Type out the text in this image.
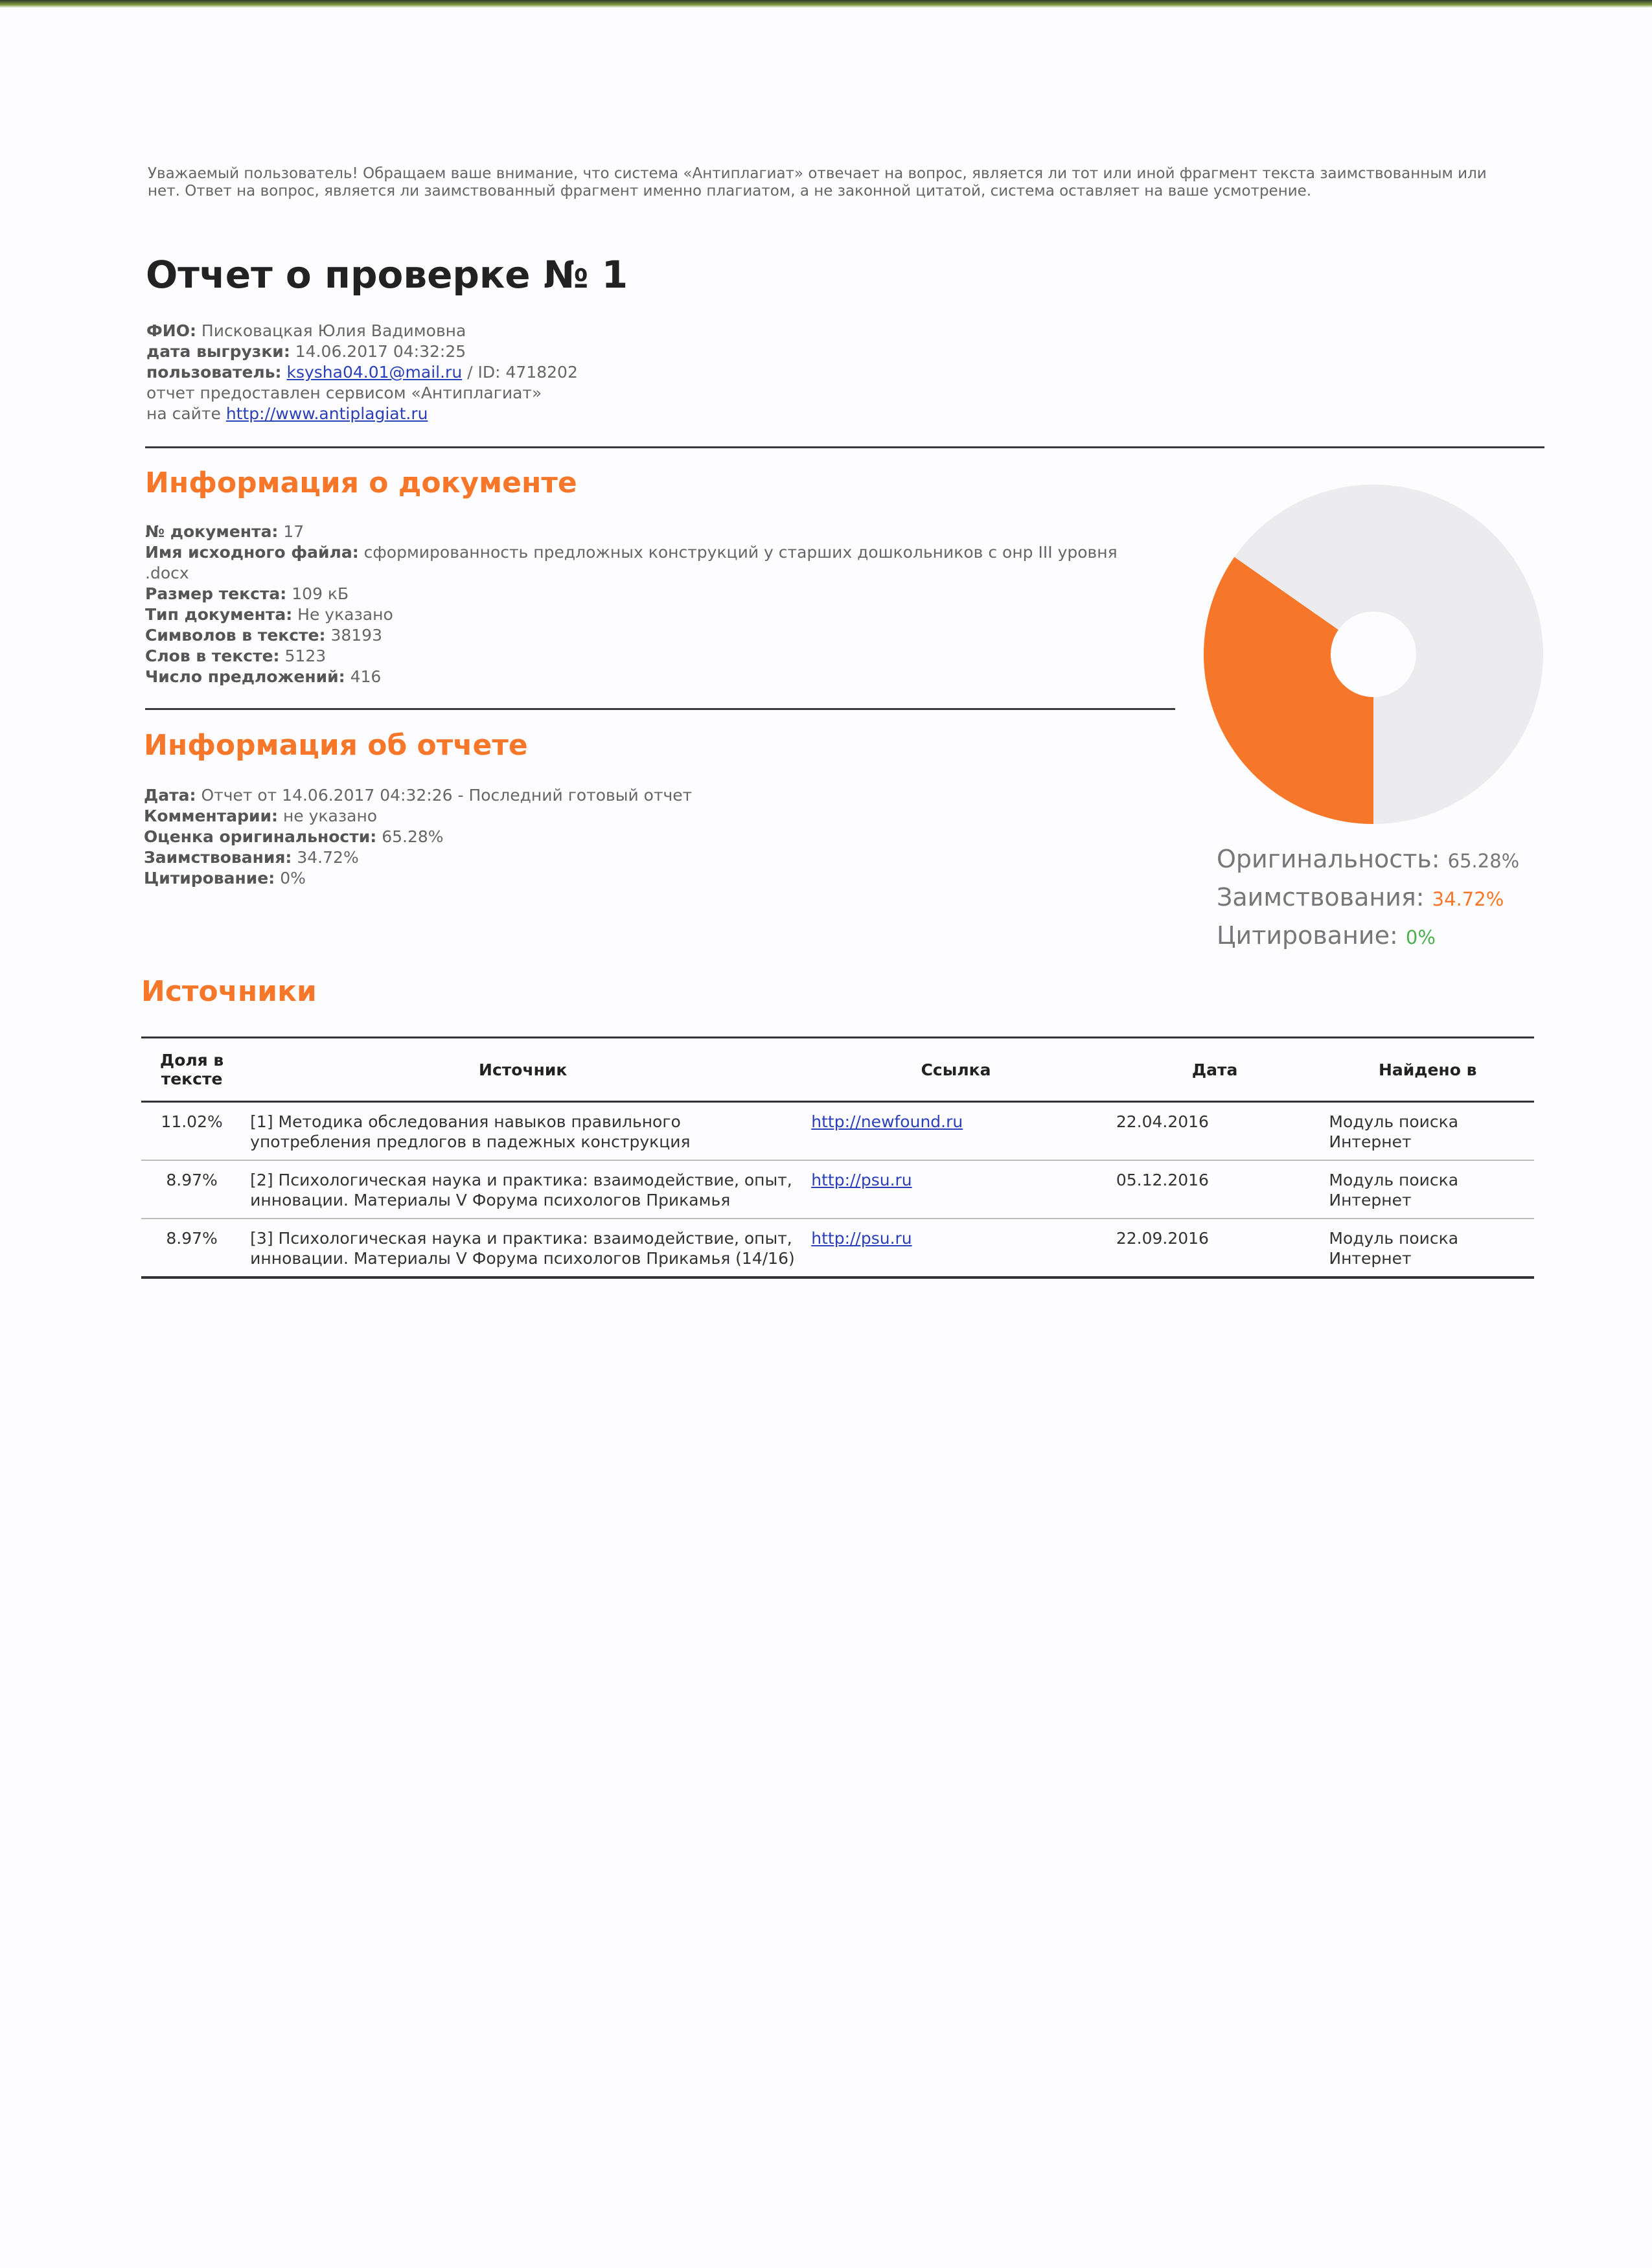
Уважаемый пользователь! Обращаем ваше внимание, что система «Антиплагиат» отвечает на вопрос, является ли тот или иной фрагмент текста заимствованным или нет. Ответ на вопрос, является ли заимствованный фрагмент именно плагиатом, а не законной цитатой, система оставляет на ваше усмотрение.
Отчет о проверке № 1
ФИО: Писковацкая Юлия Вадимовна
дата выгрузки: 14.06.2017 04:32:25
пользователь: ksysha04.01@mail.ru / ID: 4718202
отчет предоставлен сервисом «Антиплагиат»
на сайте http://www.antiplagiat.ru
Информация о документе
№ документа: 17
Имя исходного файла: сформированность предложных конструкций у старших дошкольников с онр III уровня
.docx
Размер текста: 109 кБ
Тип документа: Не указано
Символов в тексте: 38193
Слов в тексте: 5123
Число предложений: 416
Информация об отчете
Дата: Отчет от 14.06.2017 04:32:26 - Последний готовый отчет
Комментарии: не указано
Оценка оригинальности: 65.28%
Заимствования: 34.72%
Цитирование: 0%
Оригинальность: 65.28%
Заимствования: 34.72%
Цитирование: 0%
Источники
Доля в тексте	Источник	Ссылка	Дата	Найдено в
11.02%	[1] Методика обследования навыков правильного употребления предлогов в падежных конструкция	http://newfound.ru	22.04.2016	Модуль поиска Интернет
8.97%	[2] Психологическая наука и практика: взаимодействие, опыт, инновации. Материалы V Форума психологов Прикамья	http://psu.ru	05.12.2016	Модуль поиска Интернет
8.97%	[3] Психологическая наука и практика: взаимодействие, опыт, инновации. Материалы V Форума психологов Прикамья (14/16)	http://psu.ru	22.09.2016	Модуль поиска Интернет
